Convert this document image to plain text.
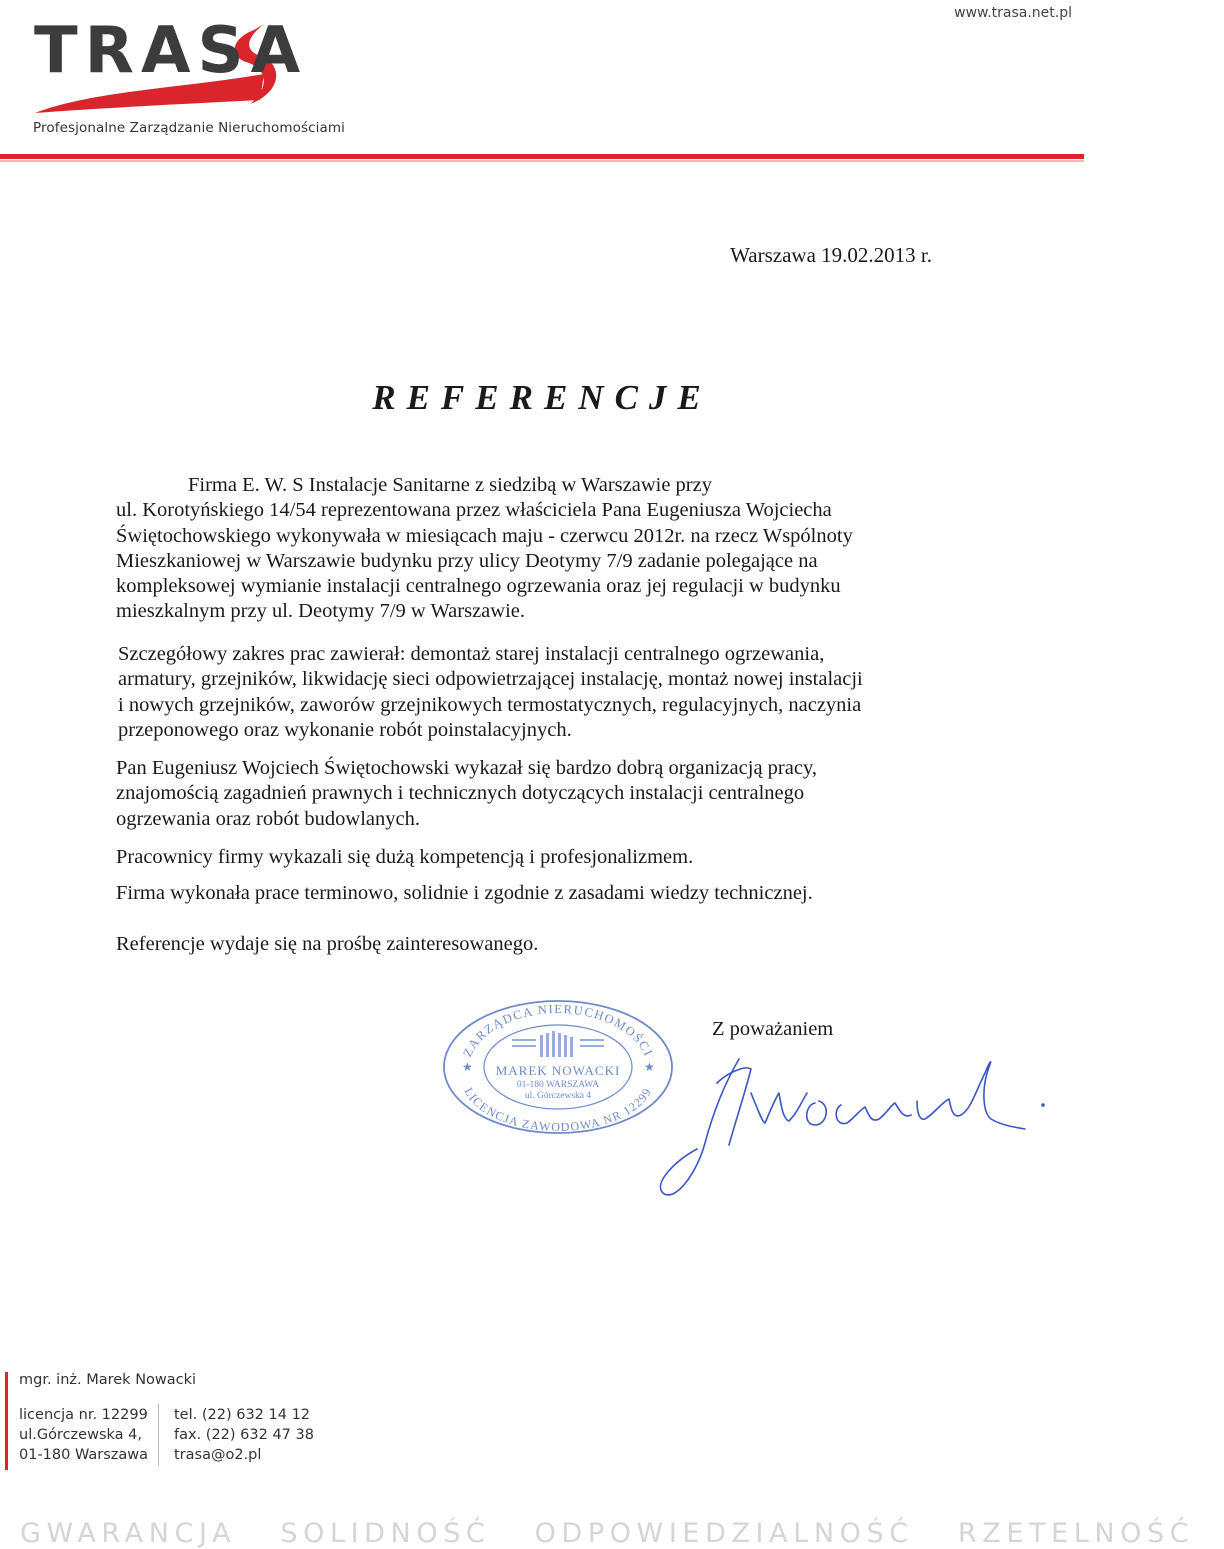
TRASA
Profesjonalne Zarządzanie Nieruchomościami
www.trasa.net.pl
Warszawa 19.02.2013 r.
REFERENCJE
Firma E. W. S Instalacje Sanitarne z siedzibą w Warszawie przy
ul. Korotyńskiego 14/54 reprezentowana przez właściciela Pana Eugeniusza Wojciecha
Świętochowskiego wykonywała w miesiącach maju - czerwcu 2012r. na rzecz Wspólnoty
Mieszkaniowej w Warszawie budynku przy ulicy Deotymy 7/9 zadanie polegające na
kompleksowej wymianie instalacji centralnego ogrzewania oraz jej regulacji w budynku
mieszkalnym przy ul. Deotymy 7/9 w Warszawie.
Szczegółowy zakres prac zawierał: demontaż starej instalacji centralnego ogrzewania,
armatury, grzejników, likwidację sieci odpowietrzającej instalację, montaż nowej instalacji
i nowych grzejników, zaworów grzejnikowych termostatycznych, regulacyjnych, naczynia
przeponowego oraz wykonanie robót poinstalacyjnych.
Pan Eugeniusz Wojciech Świętochowski wykazał się bardzo dobrą organizacją pracy,
znajomością zagadnień prawnych i technicznych dotyczących instalacji centralnego
ogrzewania oraz robót budowlanych.
Pracownicy firmy wykazali się dużą kompetencją i profesjonalizmem.
Firma wykonała prace terminowo, solidnie i zgodnie z zasadami wiedzy technicznej.
Referencje wydaje się na prośbę zainteresowanego.
Z poważaniem
ZARZĄDCA NIERUCHOMOŚCI
LICENCJA ZAWODOWA NR 12299
★	★
MAREK NOWACKI
01-180 WARSZAWA
ul. Górczewska 4
mgr. inż. Marek Nowacki
licencja nr. 12299
ul.Górczewska 4,
01-180 Warszawa
tel. (22) 632 14 12
fax. (22) 632 47 38
trasa@o2.pl
GWARANCJA SOLIDNOŚĆ ODPOWIEDZIALNOŚĆ RZETELNOŚĆ
